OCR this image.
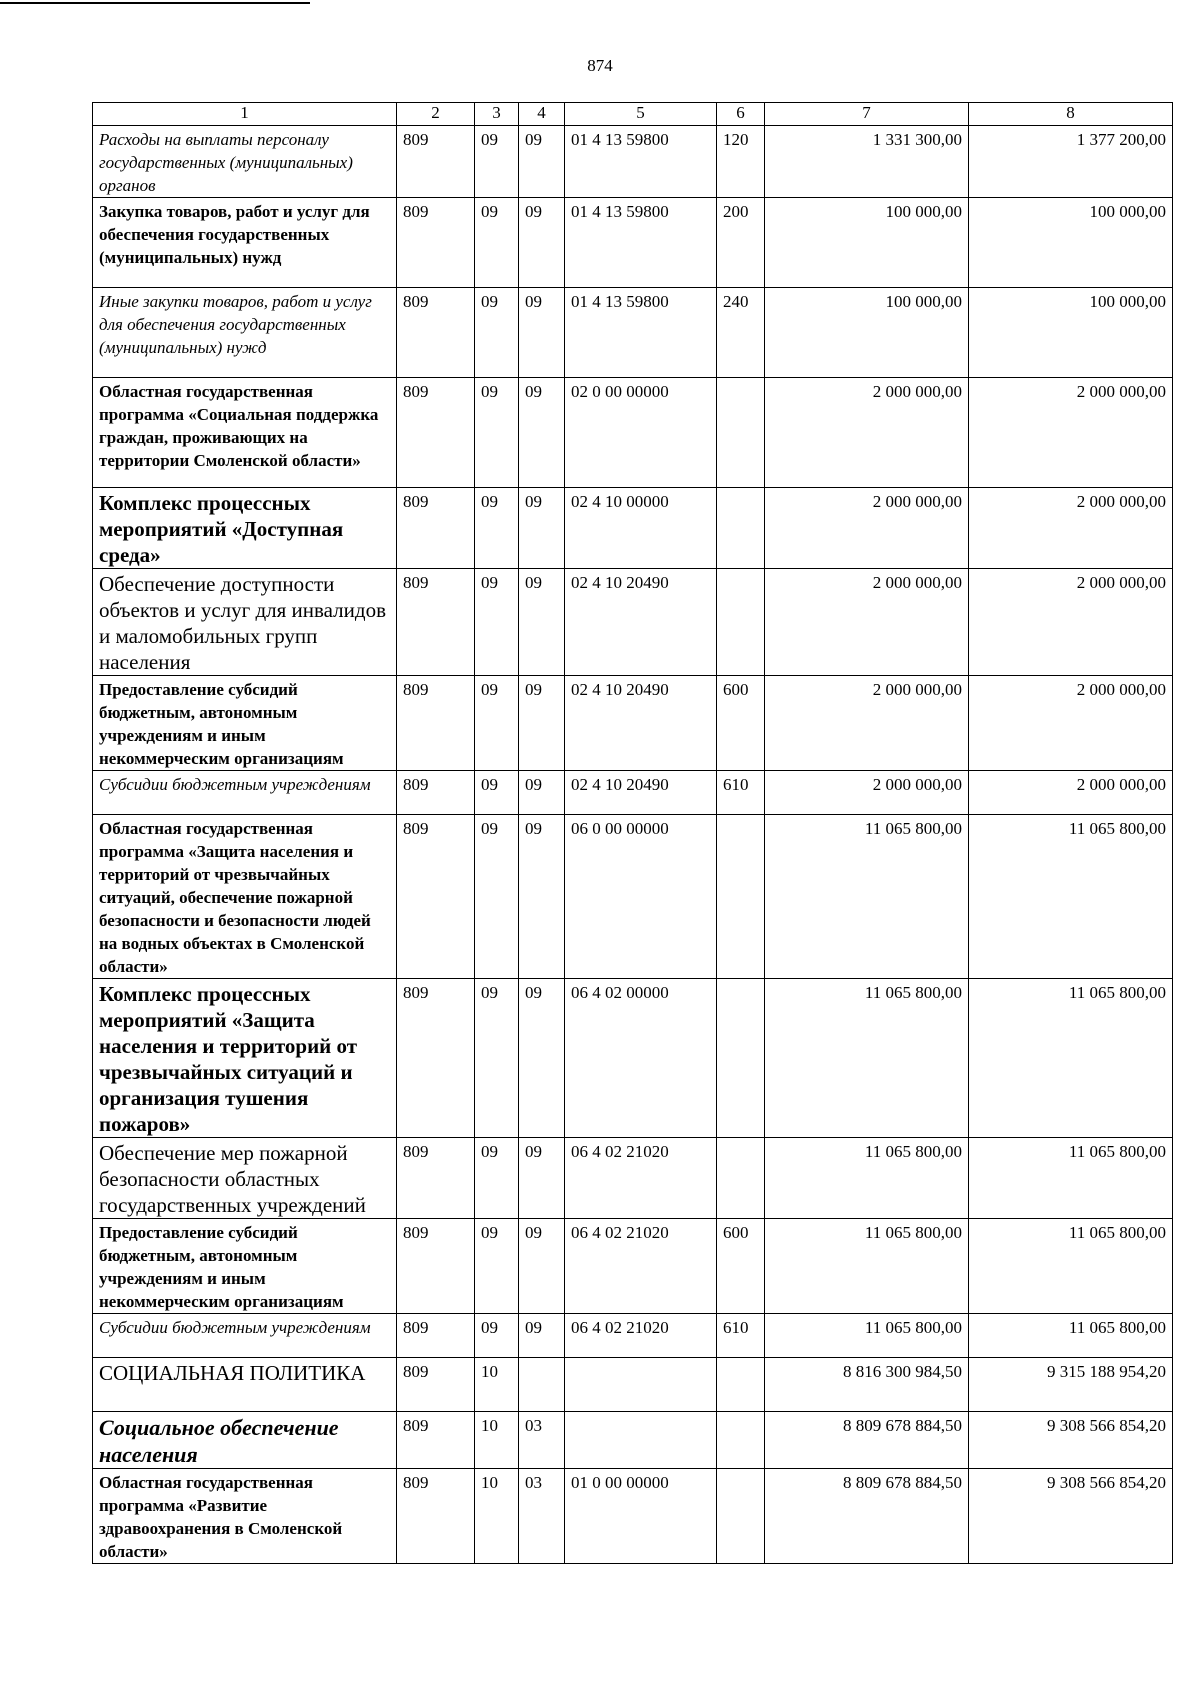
874
1	2	3	4	5	6	7	8
Расходы на выплаты персоналу государственных (муниципальных) органов	809	09	09	01 4 13 59800	120	1 331 300,00	1 377 200,00
Закупка товаров, работ и услуг для обеспечения государственных (муниципальных) нужд	809	09	09	01 4 13 59800	200	100 000,00	100 000,00
Иные закупки товаров, работ и услуг для обеспечения государственных (муниципальных) нужд	809	09	09	01 4 13 59800	240	100 000,00	100 000,00
Областная государственная программа «Социальная поддержка граждан, проживающих на территории Смоленской области»	809	09	09	02 0 00 00000		2 000 000,00	2 000 000,00
Комплекс процессных мероприятий «Доступная среда»	809	09	09	02 4 10 00000		2 000 000,00	2 000 000,00
Обеспечение доступности объектов и услуг для инвалидов и маломобильных групп населения	809	09	09	02 4 10 20490		2 000 000,00	2 000 000,00
Предоставление субсидий бюджетным, автономным учреждениям и иным некоммерческим организациям	809	09	09	02 4 10 20490	600	2 000 000,00	2 000 000,00
Субсидии бюджетным учреждениям	809	09	09	02 4 10 20490	610	2 000 000,00	2 000 000,00
Областная государственная программа «Защита населения и территорий от чрезвычайных ситуаций, обеспечение пожарной безопасности и безопасности людей на водных объектах в Смоленской области»	809	09	09	06 0 00 00000		11 065 800,00	11 065 800,00
Комплекс процессных мероприятий «Защита населения и территорий от чрезвычайных ситуаций и организация тушения пожаров»	809	09	09	06 4 02 00000		11 065 800,00	11 065 800,00
Обеспечение мер пожарной безопасности областных государственных учреждений	809	09	09	06 4 02 21020		11 065 800,00	11 065 800,00
Предоставление субсидий бюджетным, автономным учреждениям и иным некоммерческим организациям	809	09	09	06 4 02 21020	600	11 065 800,00	11 065 800,00
Субсидии бюджетным учреждениям	809	09	09	06 4 02 21020	610	11 065 800,00	11 065 800,00
СОЦИАЛЬНАЯ ПОЛИТИКА	809	10				8 816 300 984,50	9 315 188 954,20
Социальное обеспечение населения	809	10	03			8 809 678 884,50	9 308 566 854,20
Областная государственная программа «Развитие здравоохранения в Смоленской области»	809	10	03	01 0 00 00000		8 809 678 884,50	9 308 566 854,20
